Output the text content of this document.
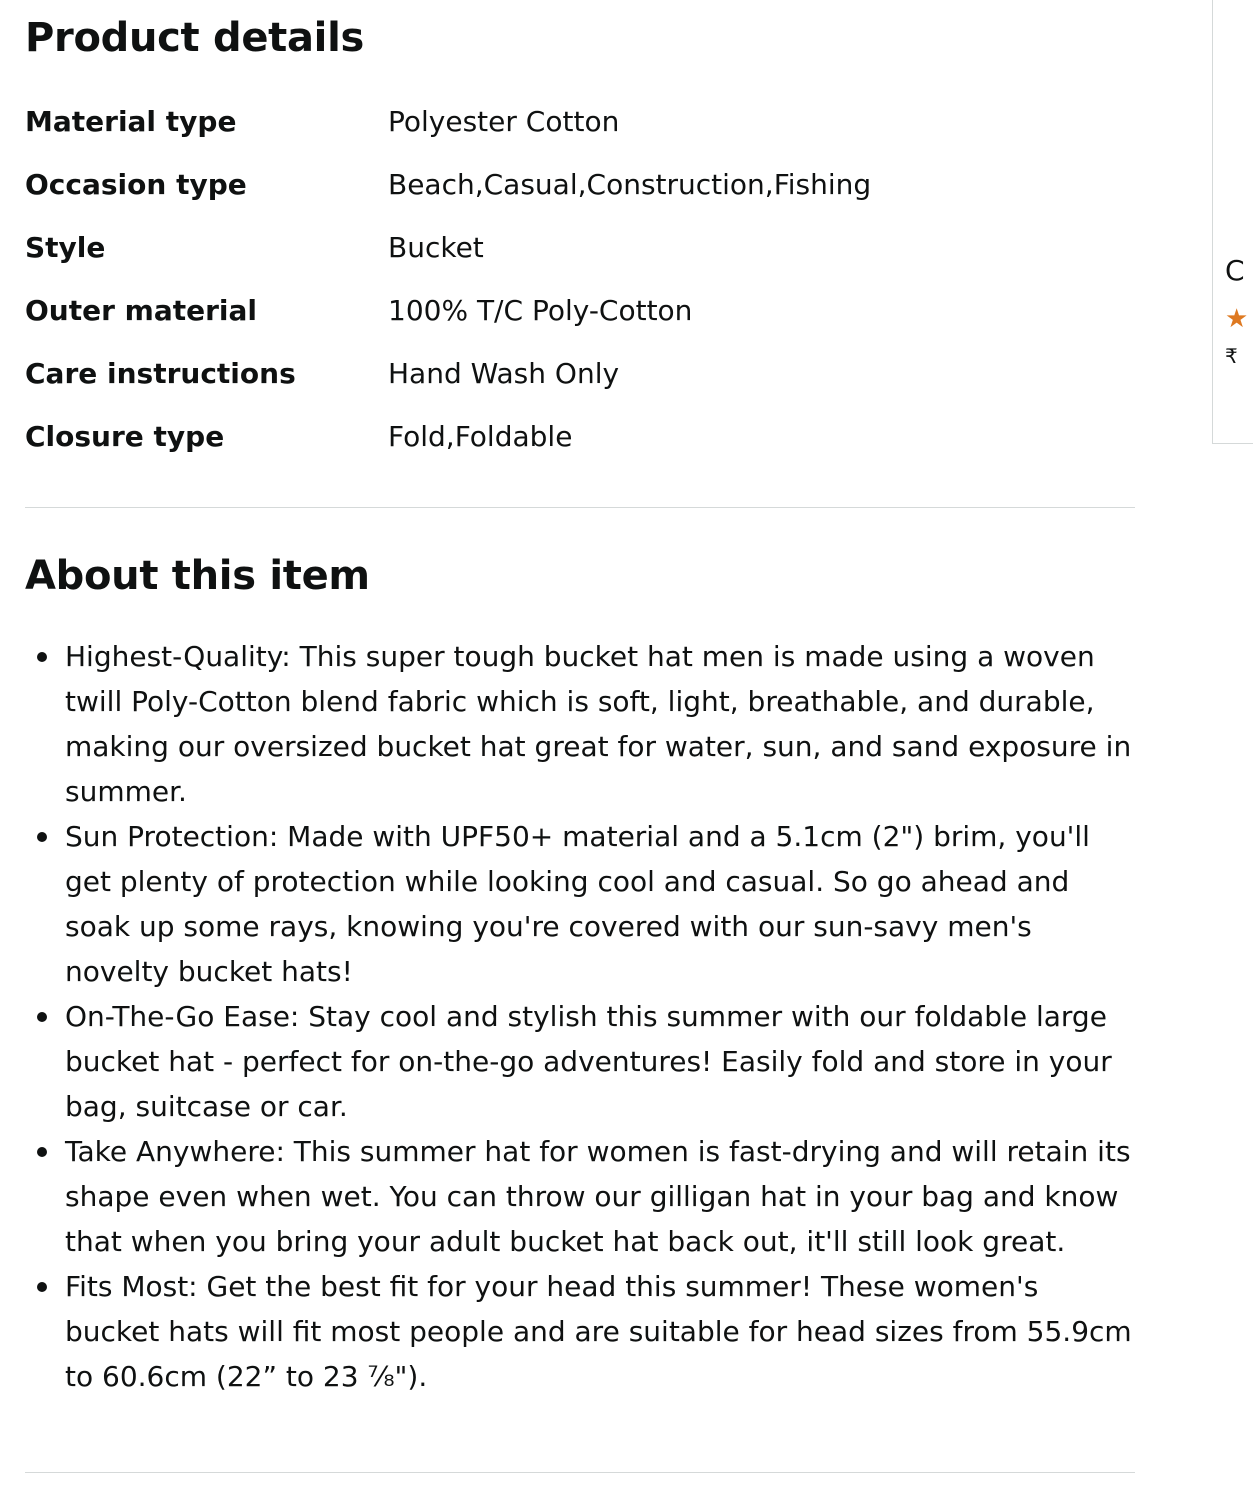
Product details
Material type	Polyester Cotton
Occasion type	Beach,Casual,Construction,Fishing
Style	Bucket
Outer material	100% T/C Poly-Cotton
Care instructions	Hand Wash Only
Closure type	Fold,Foldable
About this item
Highest-Quality: This super tough bucket hat men is made using a woven twill Poly-Cotton blend fabric which is soft, light, breathable, and durable, making our oversized bucket hat great for water, sun, and sand exposure in summer.
Sun Protection: Made with UPF50+ material and a 5.1cm (2") brim, you'll get plenty of protection while looking cool and casual. So go ahead and soak up some rays, knowing you're covered with our sun-savy men's novelty bucket hats!
On-The-Go Ease: Stay cool and stylish this summer with our foldable large bucket hat - perfect for on-the-go adventures! Easily fold and store in your bag, suitcase or car.
Take Anywhere: This summer hat for women is fast-drying and will retain its shape even when wet. You can throw our gilligan hat in your bag and know that when you bring your adult bucket hat back out, it'll still look great.
Fits Most: Get the best fit for your head this summer! These women's bucket hats will fit most people and are suitable for head sizes from 55.9cm to 60.6cm (22” to 23 ⁷⁄₈").
C
★
₹
